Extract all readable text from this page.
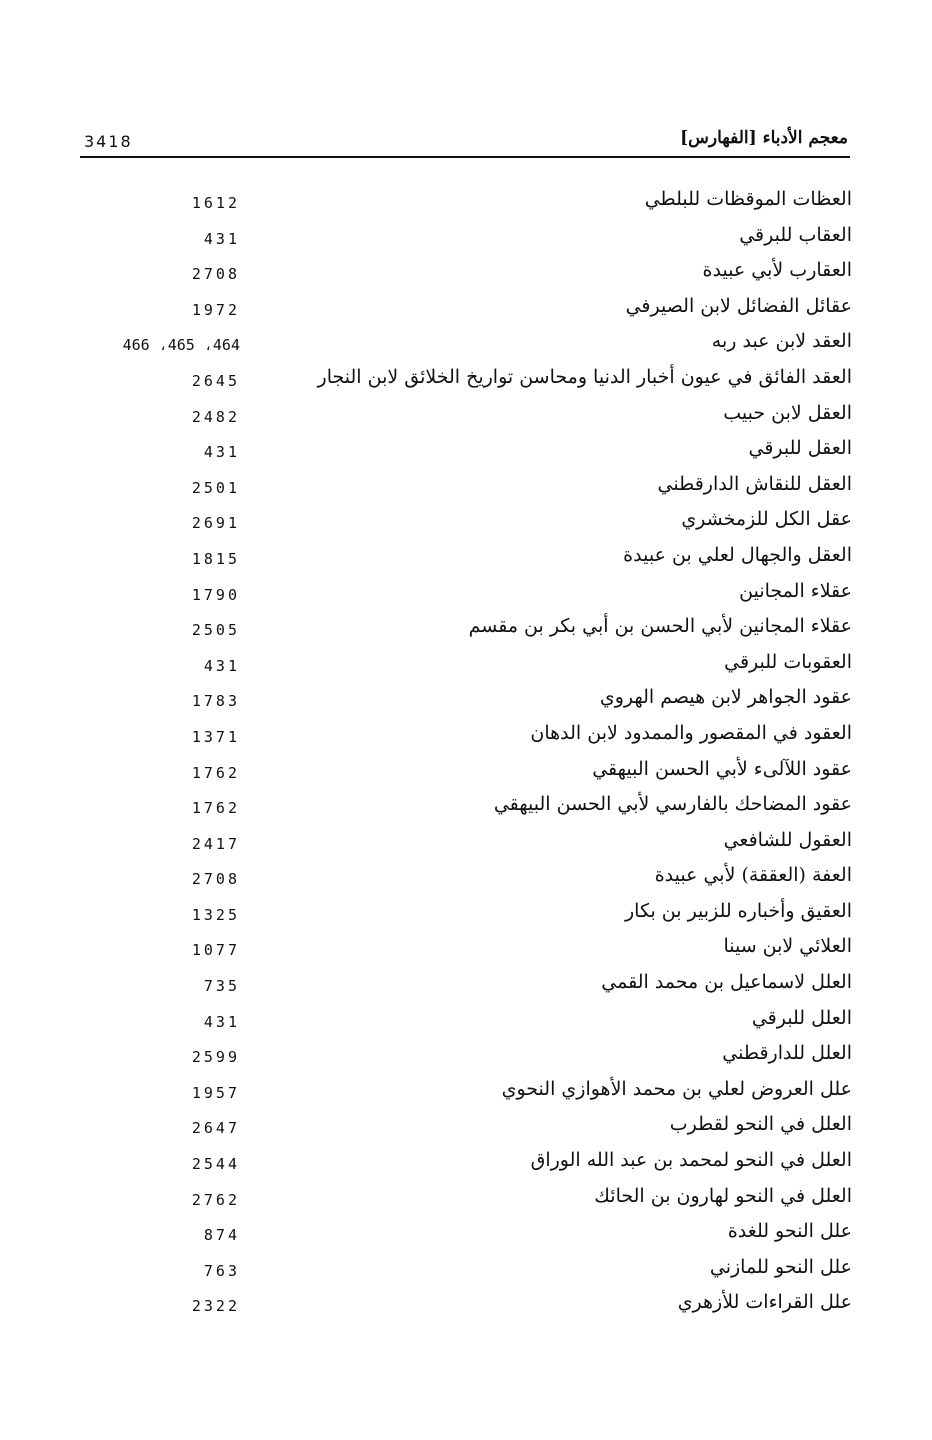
3418	معجم الأدباء [الفهارس]
العظات الموقظات للبلطي
1612
العقاب للبرقي
431
العقارب لأبي عبيدة
2708
عقائل الفضائل لابن الصيرفي
1972
العقد لابن عبد ربه
466 ،465 ،464
العقد الفائق في عيون أخبار الدنيا ومحاسن تواريخ الخلائق لابن النجار
2645
العقل لابن حبيب
2482
العقل للبرقي
431
العقل للنقاش الدارقطني
2501
عقل الكل للزمخشري
2691
العقل والجهال لعلي بن عبيدة
1815
عقلاء المجانين
1790
عقلاء المجانين لأبي الحسن بن أبي بكر بن مقسم
2505
العقوبات للبرقي
431
عقود الجواهر لابن هيصم الهروي
1783
العقود في المقصور والممدود لابن الدهان
1371
عقود اللآلىء لأبي الحسن البيهقي
1762
عقود المضاحك بالفارسي لأبي الحسن البيهقي
1762
العقول للشافعي
2417
العفة (العققة) لأبي عبيدة
2708
العقيق وأخباره للزبير بن بكار
1325
العلائي لابن سينا
1077
العلل لاسماعيل بن محمد القمي
735
العلل للبرقي
431
العلل للدارقطني
2599
علل العروض لعلي بن محمد الأهوازي النحوي
1957
العلل في النحو لقطرب
2647
العلل في النحو لمحمد بن عبد الله الوراق
2544
العلل في النحو لهارون بن الحائك
2762
علل النحو للغدة
874
علل النحو للمازني
763
علل القراءات للأزهري
2322
